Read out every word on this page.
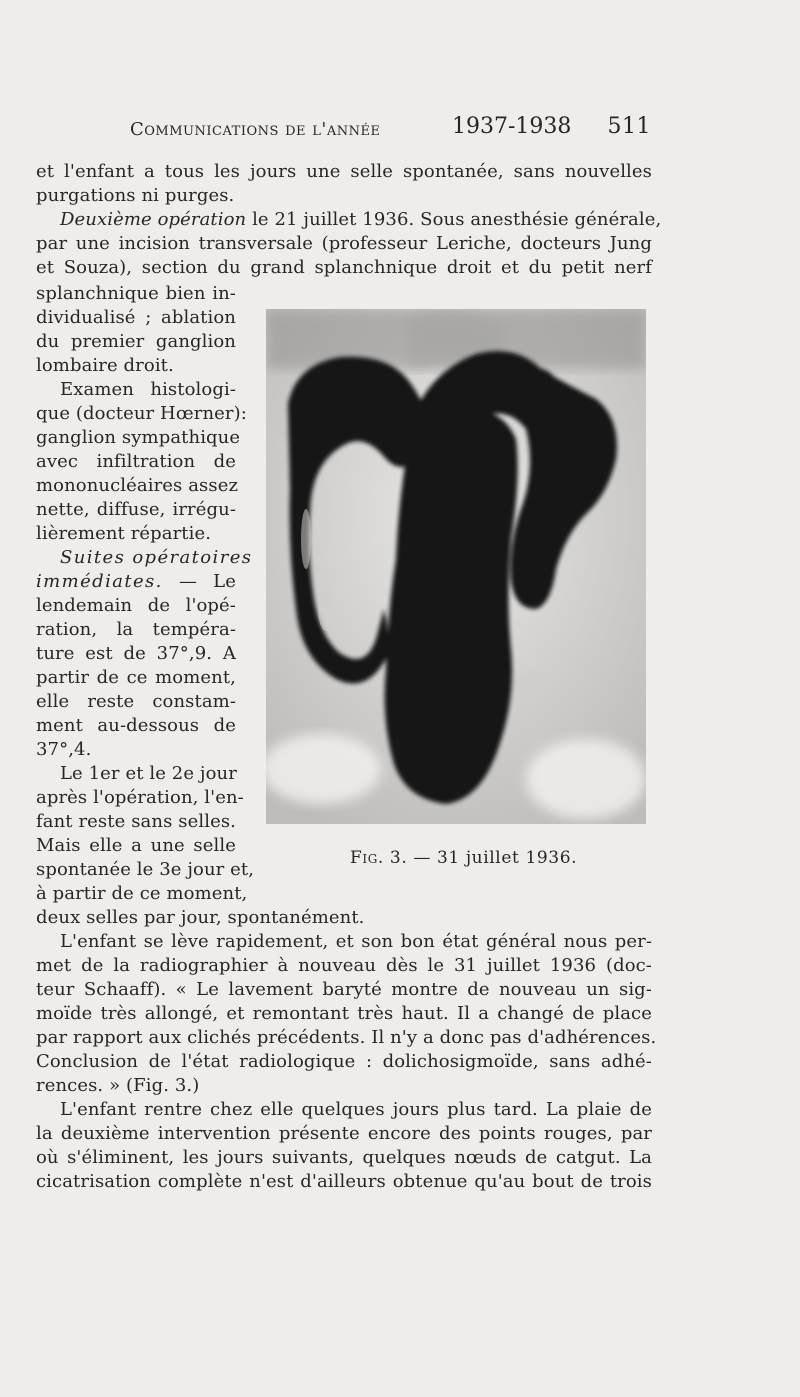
Communications de l'année	1937-1938 511
et l'enfant a tous les jours une selle spontanée, sans nouvelles
purgations ni purges.
Deuxième opération le 21 juillet 1936. Sous anesthésie générale,
par une incision transversale (professeur Leriche, docteurs Jung
et Souza), section du grand splanchnique droit et du petit nerf
splanchnique bien in-
dividualisé ; ablation
du premier ganglion
lombaire droit.
Examen histologi-
que (docteur Hœrner):
ganglion sympathique
avec infiltration de
mononucléaires assez
nette, diffuse, irrégu-
lièrement répartie.
Suites opératoires
immédiates. — Le
lendemain de l'opé-
ration, la tempéra-
ture est de 37°,9. A
partir de ce moment,
elle reste constam-
ment au-dessous de
37°,4.
Le 1er et le 2e jour
après l'opération, l'en-
fant reste sans selles.
Mais elle a une selle
spontanée le 3e jour et,
à partir de ce moment,
deux selles par jour, spontanément.
L'enfant se lève rapidement, et son bon état général nous per-
met de la radiographier à nouveau dès le 31 juillet 1936 (doc-
teur Schaaff). « Le lavement baryté montre de nouveau un sig-
moïde très allongé, et remontant très haut. Il a changé de place
par rapport aux clichés précédents. Il n'y a donc pas d'adhérences.
Conclusion de l'état radiologique : dolichosigmoïde, sans adhé-
rences. » (Fig. 3.)
L'enfant rentre chez elle quelques jours plus tard. La plaie de
la deuxième intervention présente encore des points rouges, par
où s'éliminent, les jours suivants, quelques nœuds de catgut. La
cicatrisation complète n'est d'ailleurs obtenue qu'au bout de trois
Fig. 3. — 31 juillet 1936.
